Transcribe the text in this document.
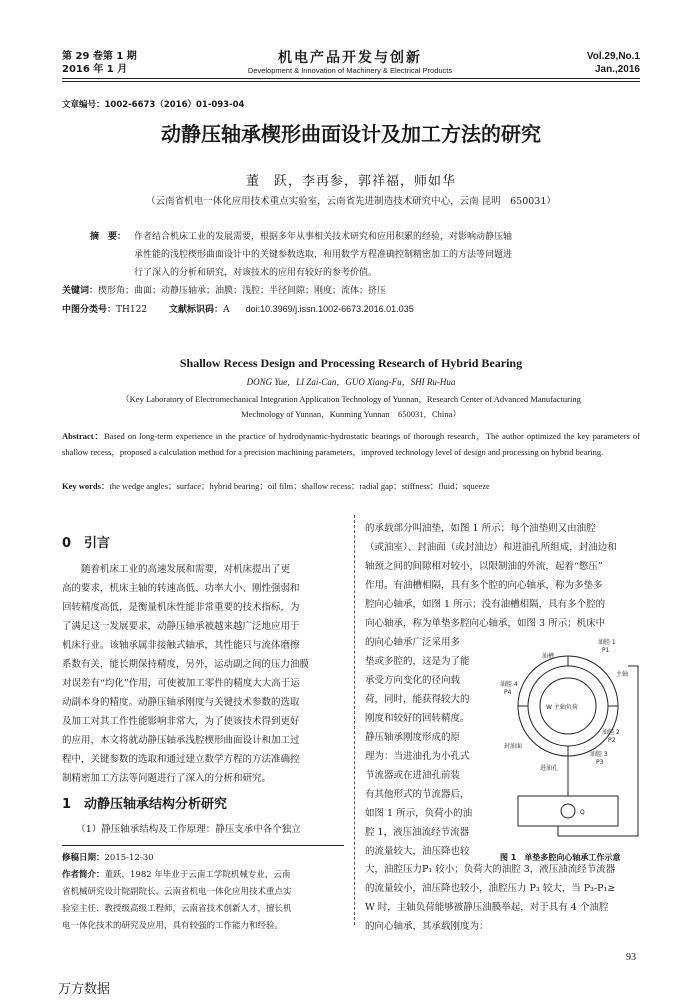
第 29 卷第 1 期
2016 年 1 月
机电产品开发与创新
Development & Innovation of Machinery & Electrical Products
Vol.29,No.1
Jan.,2016
文章编号：1002-6673（2016）01-093-04
动静压轴承楔形曲面设计及加工方法的研究
董　跃，李再参，郭祥福，师如华
（云南省机电一体化应用技术重点实验室，云南省先进制造技术研究中心，云南 昆明　650031）
摘　要： 作者结合机床工业的发展需要，根据多年从事相关技术研究和应用积累的经验，对影响动静压轴
承性能的浅腔楔形曲面设计中的关键参数选取，和用数学方程准确控制精密加工的方法等问题进
行了深入的分析和研究，对该技术的应用有较好的参考价值。
关键词：楔形角；曲面；动静压轴承；油膜；浅腔；半径间隙；刚度；流体；挤压
中图分类号：TH122 文献标识码：A doi:10.3969/j.issn.1002-6673.2016.01.035
Shallow Recess Design and Processing Research of Hybrid Bearing
DONG Yue，LI Zai-Can，GUO Xiang-Fu，SHI Ru-Hua
（Key Laboratory of Electromechanical Integration Application Technology of Yunnan，Research Center of Advanced Manufacturing
Mechnology of Yunnan，Kunming Yunnan　650031，China）
Abstract：Based on long-term experience in the practice of hydrodynamic-hydrostatic bearings of thorough research，The author optimized the key parameters of shallow recess，proposed a calculation method for a precision machining parameters，improved technology level of design and processing on hybrid bearing.
Key words：the wedge angles；surface；hybrid bearing；oil film；shallow recess；radial gap；stiffness；fluid；squeeze
0　引言
　　随着机床工业的高速发展和需要，对机床提出了更
高的要求，机床主轴的转速高低、功率大小、刚性强弱和
回转精度高低，是衡量机床性能非常重要的技术指标，为
了满足这一发展要求，动静压轴承被越来越广泛地应用于
机床行业。该轴承属非接触式轴承，其性能只与流体磨擦
系数有关，能长期保持精度，另外，运动副之间的压力油膜
对误差有“均化”作用，可使被加工零件的精度大大高于运
动副本身的精度。动静压轴承刚度与关键技术参数的选取
及加工对其工作性能影响非常大，为了使该技术得到更好
的应用，本文将就动静压轴承浅腔楔形曲面设计和加工过
程中，关键参数的选取和通过建立数学方程的方法准确控
制精密加工方法等问题进行了深入的分析和研究。
1　动静压轴承结构分析研究
　　（1）静压轴承结构及工作原理：静压支承中各个独立
修稿日期：2015-12-30
作者简介：董跃，1982 年毕业于云南工学院机械专业，云南
省机械研究设计院副院长、云南省机电一体化应用技术重点实
验室主任、教授级高级工程师，云南省技术创新人才，擅长机
电一体化技术的研究及应用，具有较强的工作能力和经验。
的承载部分叫油垫，如图 1 所示；每个油垫则又由油腔
（或油室）、封油面（或封油边）和进油孔所组成，封油边和
轴颈之间的间隙相对较小，以限制油的外流，起着“憋压”
作用。有油槽相隔，具有多个腔的向心轴承，称为多垫多
腔向心轴承，如图 1 所示；没有油槽相隔，具有多个腔的
向心轴承，称为单垫多腔向心轴承，如图 3 所示；机床中
的向心轴承广泛采用多
垫或多腔的，这是为了能
承受方向变化的径向载
荷，同时，能获得较大的
刚度和较好的回转精度。
静压轴承刚度形成的原
理为：当进油孔为小孔式
节流器或在进油孔前装
有其他形式的节流器后，
如图 1 所示，负荷小的油
腔 1，液压油流经节流器
的流量较大，油压降也较
油腔 1
P1
油槽
主轴
油腔 4
P4
W 主轴负荷
封油面
油腔 2
P2
进油孔
油腔 3
P3
Q
图 1　单垫多腔向心轴承工作示意
大，油腔压力P₁ 较小；负荷大的油腔 3，液压油流经节流器
的流量较小，油压降也较小，油腔压力 P₃ 较大，当 P₃-P₁≥
W 时，主轴负荷能够被静压油膜举起，对于具有 4 个油腔
的向心轴承，其承载刚度为：
93
万方数据
